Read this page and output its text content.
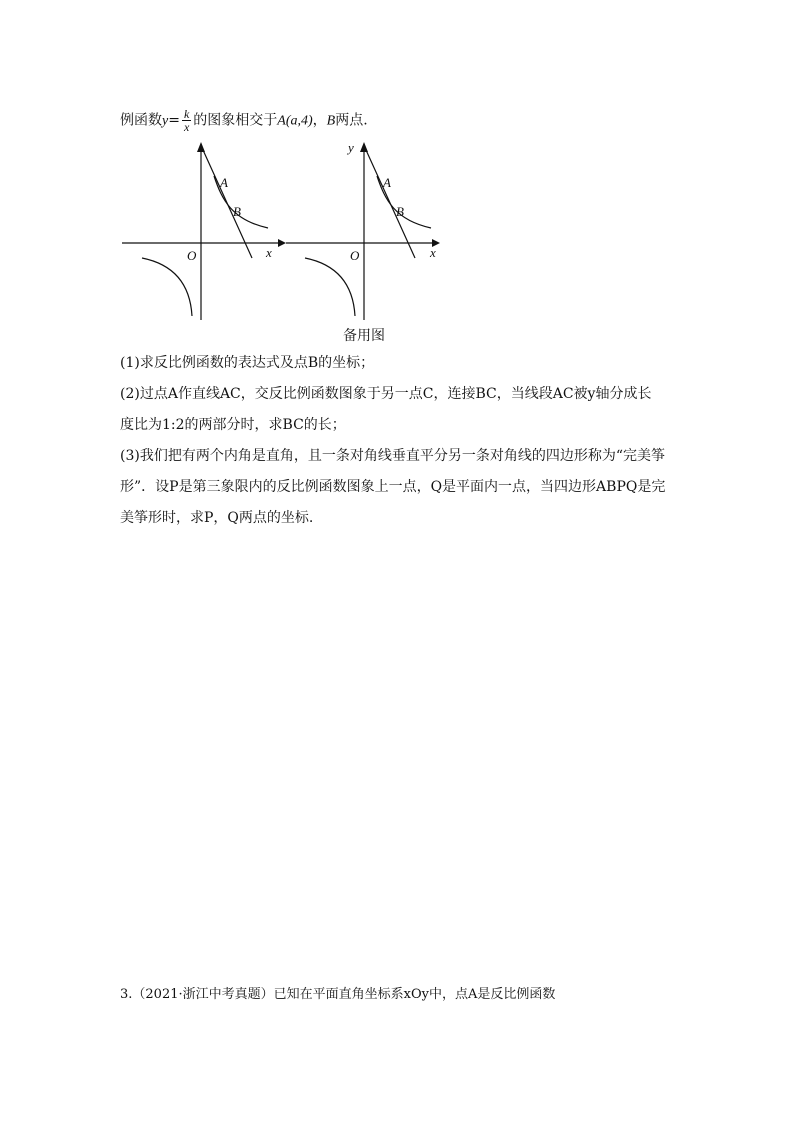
例函数$y= \frac{k}{x}$ 的图象相交于A(a,4)，B两点.
A
B
O	x
y
A
B
O	x
备用图
(1)求反比例函数的表达式及点B的坐标；
(2)过点A作直线AC，交反比例函数图象于另一点C，连接BC，当线段AC被y轴分成长
度比为1:2的两部分时，求BC的长；
(3)我们把有两个内角是直角，且一条对角线垂直平分另一条对角线的四边形称为“完美筝
形”．设P是第三象限内的反比例函数图象上一点，Q是平面内一点，当四边形ABPQ是完
美筝形时，求P，Q两点的坐标.
3.（2021·浙江中考真题）已知在平面直角坐标系xOy中，点A是反比例函数
